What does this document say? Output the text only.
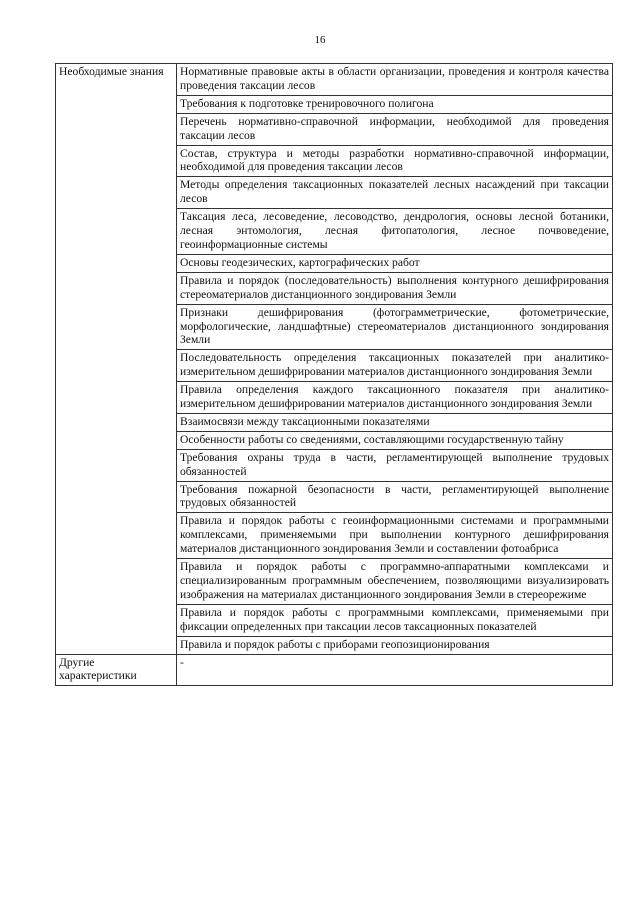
16
Необходимые знания	Нормативные правовые акты в области организации, проведения и контроля качества проведения таксации лесов
	Требования к подготовке тренировочного полигона
	Перечень нормативно-справочной информации, необходимой для проведения таксации лесов
	Состав, структура и методы разработки нормативно-справочной информации, необходимой для проведения таксации лесов
	Методы определения таксационных показателей лесных насаждений при таксации лесов
	Таксация леса, лесоведение, лесоводство, дендрология, основы лесной ботаники, лесная энтомология, лесная фитопатология, лесное почвоведение, геоинформационные системы
	Основы геодезических, картографических работ
	Правила и порядок (последовательность) выполнения контурного дешифрирования стереоматериалов дистанционного зондирования Земли
	Признаки дешифрирования (фотограмметрические, фотометрические, морфологические, ландшафтные) стереоматериалов дистанционного зондирования Земли
	Последовательность определения таксационных показателей при аналитико-измерительном дешифрировании материалов дистанционного зондирования Земли
	Правила определения каждого таксационного показателя при аналитико-измерительном дешифрировании материалов дистанционного зондирования Земли
	Взаимосвязи между таксационными показателями
	Особенности работы со сведениями, составляющими государственную тайну
	Требования охраны труда в части, регламентирующей выполнение трудовых обязанностей
	Требования пожарной безопасности в части, регламентирующей выполнение трудовых обязанностей
	Правила и порядок работы с геоинформационными системами и программными комплексами, применяемыми при выполнении контурного дешифрирования материалов дистанционного зондирования Земли и составлении фотоабриса
	Правила и порядок работы с программно-аппаратными комплексами и специализированным программным обеспечением, позволяющими визуализировать изображения на материалах дистанционного зондирования Земли в стереорежиме
	Правила и порядок работы с программными комплексами, применяемыми при фиксации определенных при таксации лесов таксационных показателей
	Правила и порядок работы с приборами геопозиционирования
Другие характеристики	-
